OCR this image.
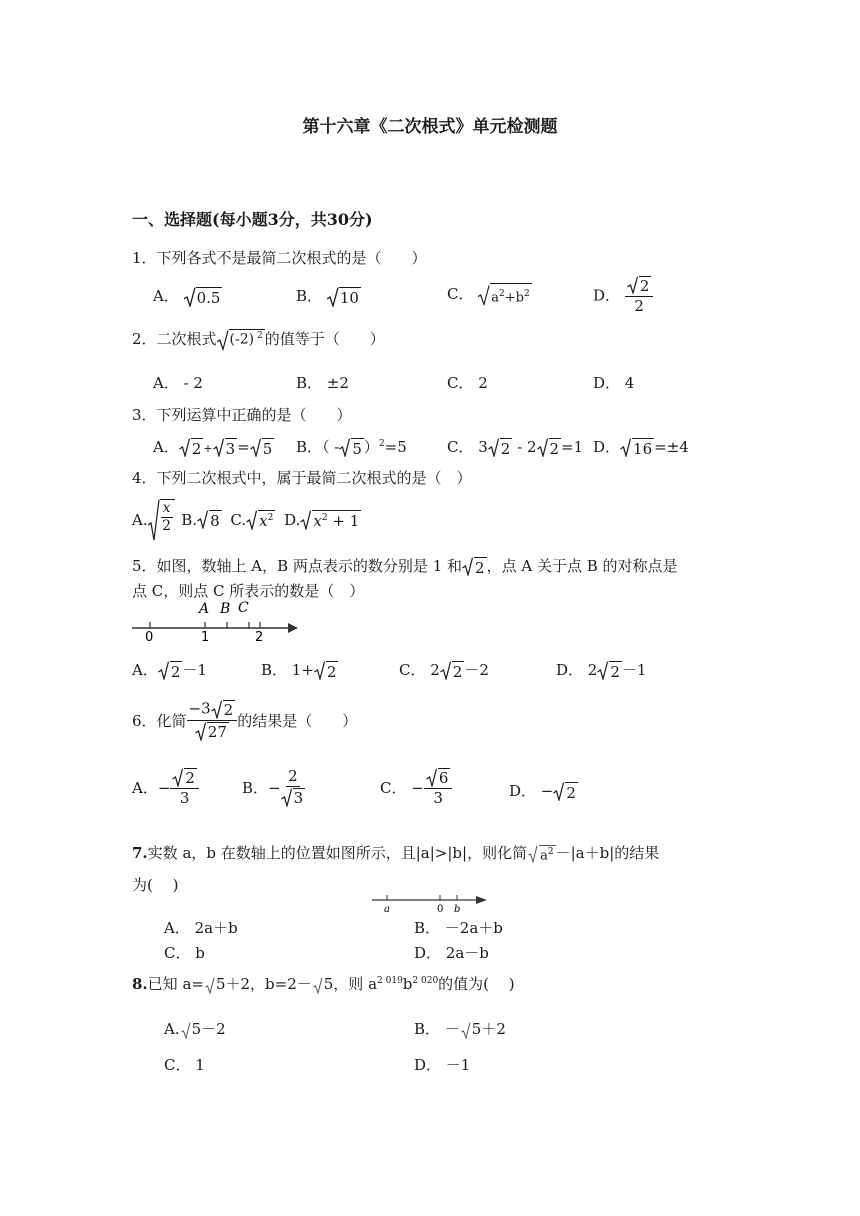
第十六章《二次根式》单元检测题
一、选择题(每小题3分，共30分)
1．下列各式不是最简二次根式的是（　　）
A． 0.5	B． 10	C． $a^2+b^2$	D． $\frac{2}{2}$
2．二次根式 (-2) $^2$ 的值等于（　　）
A． - 2	B． ±2	C． 2	D． 4
3．下列运算中正确的是（　　）
A． 2 + 3 = 5 B．（ - 5 ）$^2$=5	C． 3 2 - 2 2 =1 D． 16 =±4
4．下列二次根式中，属于最简二次根式的是（　）
A. $\frac{x}{2} B$. 8 C. $x^2$ D. $x^2 + 1$
5．如图，数轴上 A，B 两点表示的数分别是 1 和 2 ，点 A 关于点 B 的对称点是
点 C，则点 C 所表示的数是（　）
A B C
0	1	2
A． 2 －1	B． 1+ 2	C． 2 2 －2	D． 2 2 －1
6．化简 $\frac{-3 2}{27}$ 的结果是（　　）
A．− $\frac{2}{3}$	B．− $\frac{2}{3}$	C． − $\frac{6}{3}$	D． − 2
7.实数 a，b 在数轴上的位置如图所示，且|a|>|b|，则化简 $a^2 -|a+b|$的结果
为(　 )
a	0 b
A． 2a＋b	B． －2a＋b
C． b	D． 2a－b
8.已知 a= 5＋2，b=2－ 5，则 $a^{2 019}b^{2 020}$的值为(　 )
A. 5－2	B． － 5＋2
C． 1	D． －1
